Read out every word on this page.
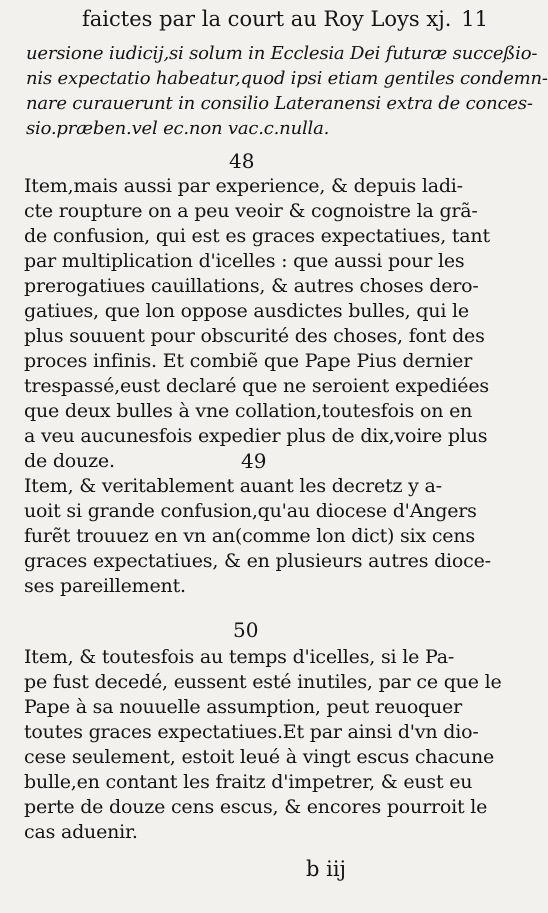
faictes par la court au Roy Loys xj. 11
uersione iudicij,si solum in Ecclesia Dei futuræ succeßio-
nis expectatio habeatur,quod ipsi etiam gentiles condemn-
nare curauerunt in consilio Lateranensi extra de conces-
sio.præben.vel ec.non vac.c.nulla.
48
Item,mais aussi par experience, & depuis ladi-
cte roupture on a peu veoir & cognoistre la grã-
de confusion, qui est es graces expectatiues, tant
par multiplication d'icelles : que aussi pour les
prerogatiues cauillations, & autres choses dero-
gatiues, que lon oppose ausdictes bulles, qui le
plus souuent pour obscurité des choses, font des
proces infinis. Et combiẽ que Pape Pius dernier
trespassé,eust declaré que ne seroient expediées
que deux bulles à vne collation,toutesfois on en
a veu aucunesfois expedier plus de dix,voire plus
de douze.	49
Item, & veritablement auant les decretz y a-
uoit si grande confusion,qu'au diocese d'Angers
furẽt trouuez en vn an(comme lon dict) six cens
graces expectatiues, & en plusieurs autres dioce-
ses pareillement.
50
Item, & toutesfois au temps d'icelles, si le Pa-
pe fust decedé, eussent esté inutiles, par ce que le
Pape à sa nouuelle assumption, peut reuoquer
toutes graces expectatiues.Et par ainsi d'vn dio-
cese seulement, estoit leué à vingt escus chacune
bulle,en contant les fraitz d'impetrer, & eust eu
perte de douze cens escus, & encores pourroit le
cas aduenir.
b iij
